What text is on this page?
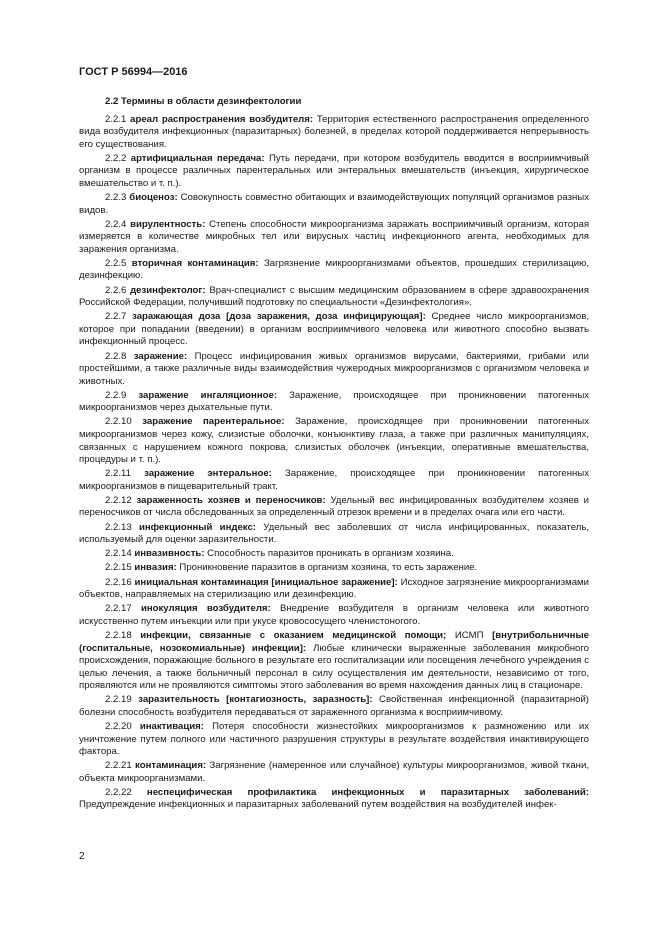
ГОСТ Р 56994—2016
2.2 Термины в области дезинфектологии

2.2.1 ареал распространения возбудителя: Территория естественного распространения определенного вида возбудителя инфекционных (паразитарных) болезней, в пределах которой поддерживается непрерывность его существования.

2.2.2 артифициальная передача: Путь передачи, при котором возбудитель вводится в восприимчивый организм в процессе различных парентеральных или энтеральных вмешательств (инъекция, хирургическое вмешательство и т. п.).

2.2.3 биоценоз: Совокупность совместно обитающих и взаимодействующих популяций организмов разных видов.

2.2.4 вирулентность: Степень способности микроорганизма заражать восприимчивый организм, которая измеряется в количестве микробных тел или вирусных частиц инфекционного агента, необходимых для заражения организма.

2.2.5 вторичная контаминация: Загрязнение микроорганизмами объектов, прошедших стерилизацию, дезинфекцию.

2.2.6 дезинфектолог: Врач-специалист с высшим медицинским образованием в сфере здравоохранения Российской Федерации, получивший подготовку по специальности «Дезинфектология».

2.2.7 заражающая доза [доза заражения, доза инфицирующая]: Среднее число микроорганизмов, которое при попадании (введении) в организм восприимчивого человека или животного способно вызвать инфекционный процесс.

2.2.8 заражение: Процесс инфицирования живых организмов вирусами, бактериями, грибами или простейшими, а также различные виды взаимодействия чужеродных микроорганизмов с организмом человека и животных.

2.2.9 заражение ингаляционное: Заражение, происходящее при проникновении патогенных микроорганизмов через дыхательные пути.

2.2.10 заражение парентеральное: Заражение, происходящее при проникновении патогенных микроорганизмов через кожу, слизистые оболочки, конъюнктиву глаза, а также при различных манипуляциях, связанных с нарушением кожного покрова, слизистых оболочек (инъекции, оперативные вмешательства, процедуры и т. п.).

2.2.11 заражение энтеральное: Заражение, происходящее при проникновении патогенных микроорганизмов в пищеварительный тракт.

2.2.12 зараженность хозяев и переносчиков: Удельный вес инфицированных возбудителем хозяев и переносчиков от числа обследованных за определенный отрезок времени и в пределах очага или его части.

2.2.13 инфекционный индекс: Удельный вес заболевших от числа инфицированных, показатель, используемый для оценки заразительности.

2.2.14 инвазивность: Способность паразитов проникать в организм хозяина.

2.2.15 инвазия: Проникновение паразитов в организм хозяина, то есть заражение.

2.2.16 инициальная контаминация [инициальное заражение]: Исходное загрязнение микроорганизмами объектов, направляемых на стерилизацию или дезинфекцию.

2.2.17 инокуляция возбудителя: Внедрение возбудителя в организм человека или животного искусственно путем инъекции или при укусе кровососущего членистоногого.

2.2.18 инфекции, связанные с оказанием медицинской помощи; ИСМП [внутрибольничные (госпитальные, нозокомиальные) инфекции]: Любые клинически выраженные заболевания микробного происхождения, поражающие больного в результате его госпитализации или посещения лечебного учреждения с целью лечения, а также больничный персонал в силу осуществления им деятельности, независимо от того, проявляются или не проявляются симптомы этого заболевания во время нахождения данных лиц в стационаре.

2.2.19 заразительность [контагиозность, заразность]: Свойственная инфекционной (паразитарной) болезни способность возбудителя передаваться от зараженного организма к восприимчивому.

2.2.20 инактивация: Потеря способности жизнестойких микроорганизмов к размножению или их уничтожение путем полного или частичного разрушения структуры в результате воздействия инактивирующего фактора.

2.2.21 контаминация: Загрязнение (намеренное или случайное) культуры микроорганизмов, живой ткани, объекта микроорганизмами.

2.2.22 неспецифическая профилактика инфекционных и паразитарных заболеваний: Предупреждение инфекционных и паразитарных заболеваний путем воздействия на возбудителей инфек-

2
